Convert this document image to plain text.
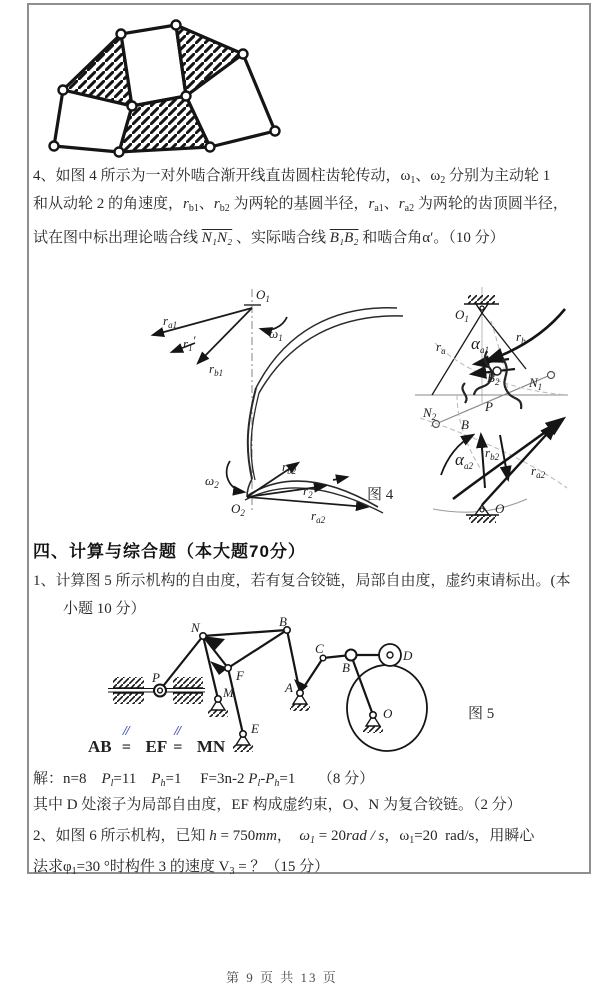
4、如图 4 所示为一对外啮合渐开线直齿圆柱齿轮传动，$\omega_1$、$\omega_2$ 分别为主动轮 1
和从动轮 2 的角速度，$r_{b1}$、$r_{b2}$ 为两轮的基圆半径，$r_{a1}$、$r_{a2}$ 为两轮的齿顶圆半径，
试在图中标出理论啮合线 N₁N₂ 、实际啮合线 B₁B₂ 和啮合角α′。（10 分）
$O_1$
$r_{a1}$
$r_1'$
$r_{b1}$
$\omega_1$
$\omega_2$
$O_2$
$r_{b2}$
$r_2'$
$r_{a2}$
图 4
$O_1$
$r_a$ $\alpha_{a1}$
$r_b$
$B_2$ $N_1$
$N_2$
P
B
$\alpha_{a2}$
$r_{b2}$
$r_{a2}$
O
四、计算与综合题（本大题70分）
1、计算图 5 所示机构的自由度，若有复合铰链，局部自由度，虚约束请标出。(本
小题 10 分）
N	B
C
B
D
P	F
M	A
E
O	图 5
AB
//
=  EF
//
=  MN
解：n=8    $P_l=11$    $P_h=1$     F=3n-2 $P_l-P_h=1$      （8 分）
其中 D 处滚子为局部自由度，EF 构成虚约束，O、N 为复合铰链。（2 分）
2、如图 6 所示机构，已知 h = 750mm，  $\omega_1 = 20rad / s$，$\omega_1=20$  rad/s，用瞬心
法求$\varphi_1=30$ °时构件 3 的速度 $V_3$ = ？（15 分）
第 9 页 共 13 页
